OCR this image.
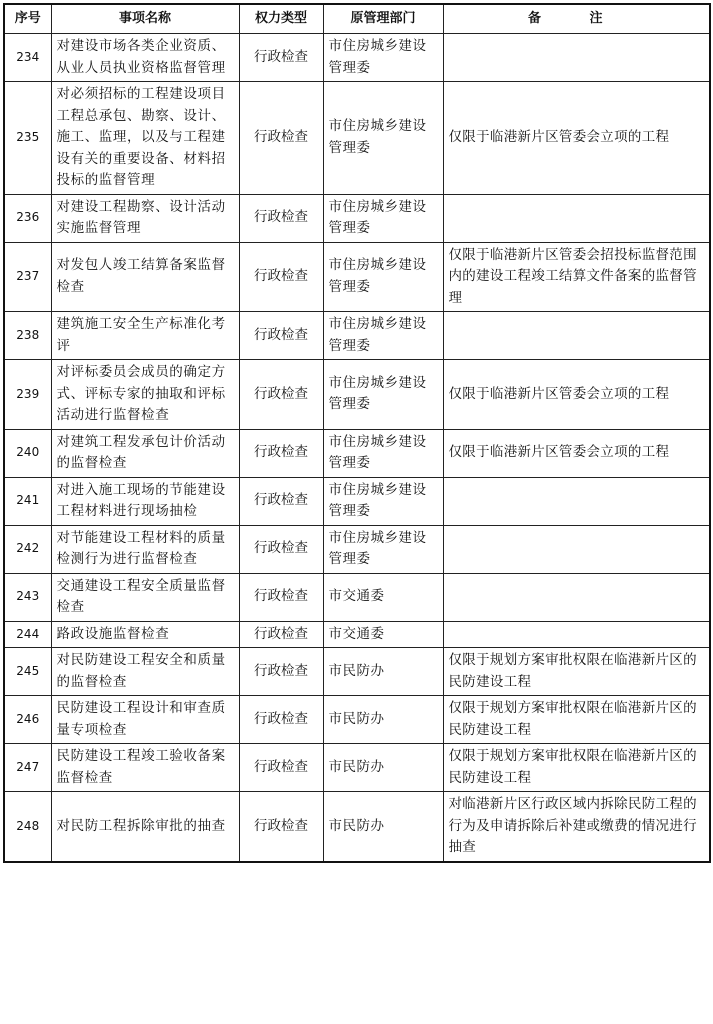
序号	事项名称	权力类型	原管理部门	备 注
234	对建设市场各类企业资质、从业人员执业资格监督管理	行政检查	市住房城乡建设管理委	
235	对必须招标的工程建设项目工程总承包、勘察、设计、施工、监理，以及与工程建设有关的重要设备、材料招投标的监督管理	行政检查	市住房城乡建设管理委	仅限于临港新片区管委会立项的工程
236	对建设工程勘察、设计活动实施监督管理	行政检查	市住房城乡建设管理委	
237	对发包人竣工结算备案监督检查	行政检查	市住房城乡建设管理委	仅限于临港新片区管委会招投标监督范围内的建设工程竣工结算文件备案的监督管理
238	建筑施工安全生产标准化考评	行政检查	市住房城乡建设管理委	
239	对评标委员会成员的确定方式、评标专家的抽取和评标活动进行监督检查	行政检查	市住房城乡建设管理委	仅限于临港新片区管委会立项的工程
240	对建筑工程发承包计价活动的监督检查	行政检查	市住房城乡建设管理委	仅限于临港新片区管委会立项的工程
241	对进入施工现场的节能建设工程材料进行现场抽检	行政检查	市住房城乡建设管理委	
242	对节能建设工程材料的质量检测行为进行监督检查	行政检查	市住房城乡建设管理委	
243	交通建设工程安全质量监督检查	行政检查	市交通委	
244	路政设施监督检查	行政检查	市交通委	
245	对民防建设工程安全和质量的监督检查	行政检查	市民防办	仅限于规划方案审批权限在临港新片区的民防建设工程
246	民防建设工程设计和审查质量专项检查	行政检查	市民防办	仅限于规划方案审批权限在临港新片区的民防建设工程
247	民防建设工程竣工验收备案监督检查	行政检查	市民防办	仅限于规划方案审批权限在临港新片区的民防建设工程
248	对民防工程拆除审批的抽查	行政检查	市民防办	对临港新片区行政区域内拆除民防工程的行为及申请拆除后补建或缴费的情况进行抽查
